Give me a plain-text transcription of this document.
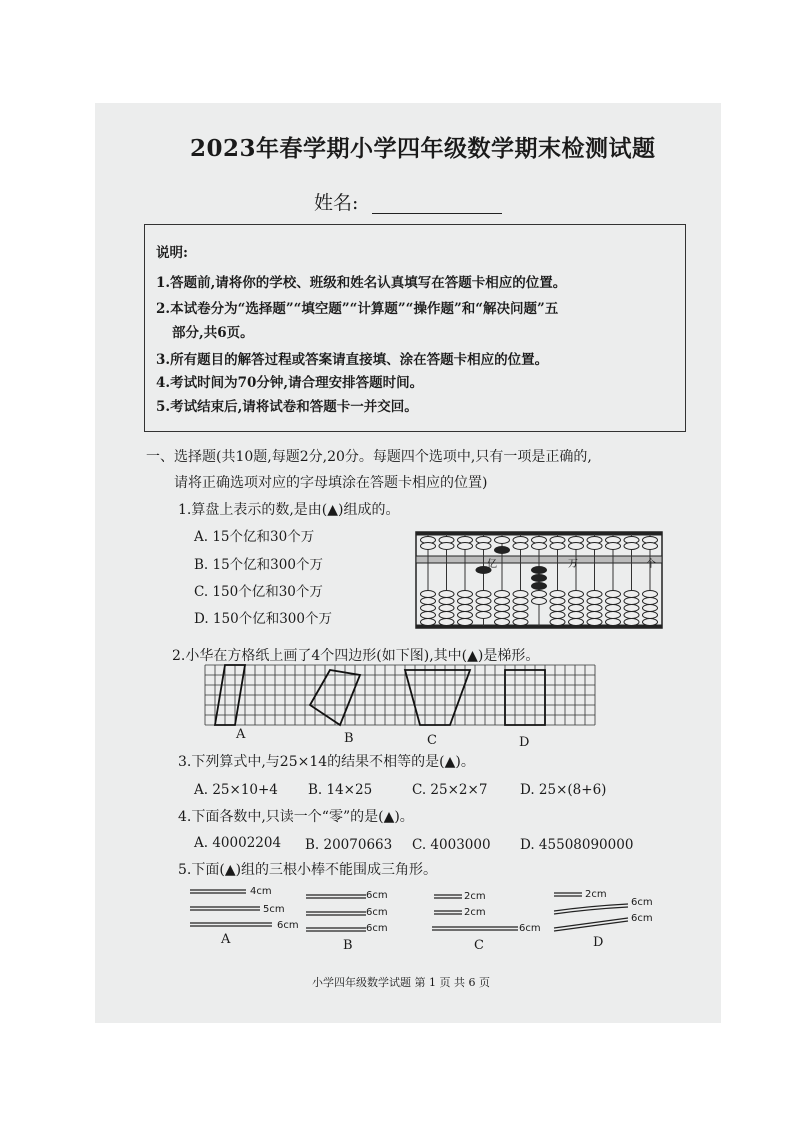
2023年春学期小学四年级数学期末检测试题
姓名:
说明:
1.答题前,请将你的学校、班级和姓名认真填写在答题卡相应的位置。
2.本试卷分为“选择题”“填空题”“计算题”“操作题”和“解决问题”五
部分,共6页。
3.所有题目的解答过程或答案请直接填、涂在答题卡相应的位置。
4.考试时间为70分钟,请合理安排答题时间。
5.考试结束后,请将试卷和答题卡一并交回。
一、选择题(共10题,每题2分,20分。每题四个选项中,只有一项是正确的,
请将正确选项对应的字母填涂在答题卡相应的位置)
1.算盘上表示的数,是由(▲)组成的。
A. 15个亿和30个万
B. 15个亿和300个万
C. 150个亿和30个万
D. 150个亿和300个万
亿	万	个
2.小华在方格纸上画了4个四边形(如下图),其中(▲)是梯形。
A	B	C	D
3.下列算式中,与25×14的结果不相等的是(▲)。
A. 25×10+4 B. 14×25	C. 25×2×7 D. 25×(8+6)
4.下面各数中,只读一个“零”的是(▲)。
A. 40002204 B. 20070663 C. 4003000 D. 45508090000
5.下面(▲)组的三根小棒不能围成三角形。
4cm
5cm
6cm
A
6cm
6cm
6cm
B
2cm
2cm
6cm
C
2cm
6cm
6cm
D
小学四年级数学试题 第 1 页 共 6 页
